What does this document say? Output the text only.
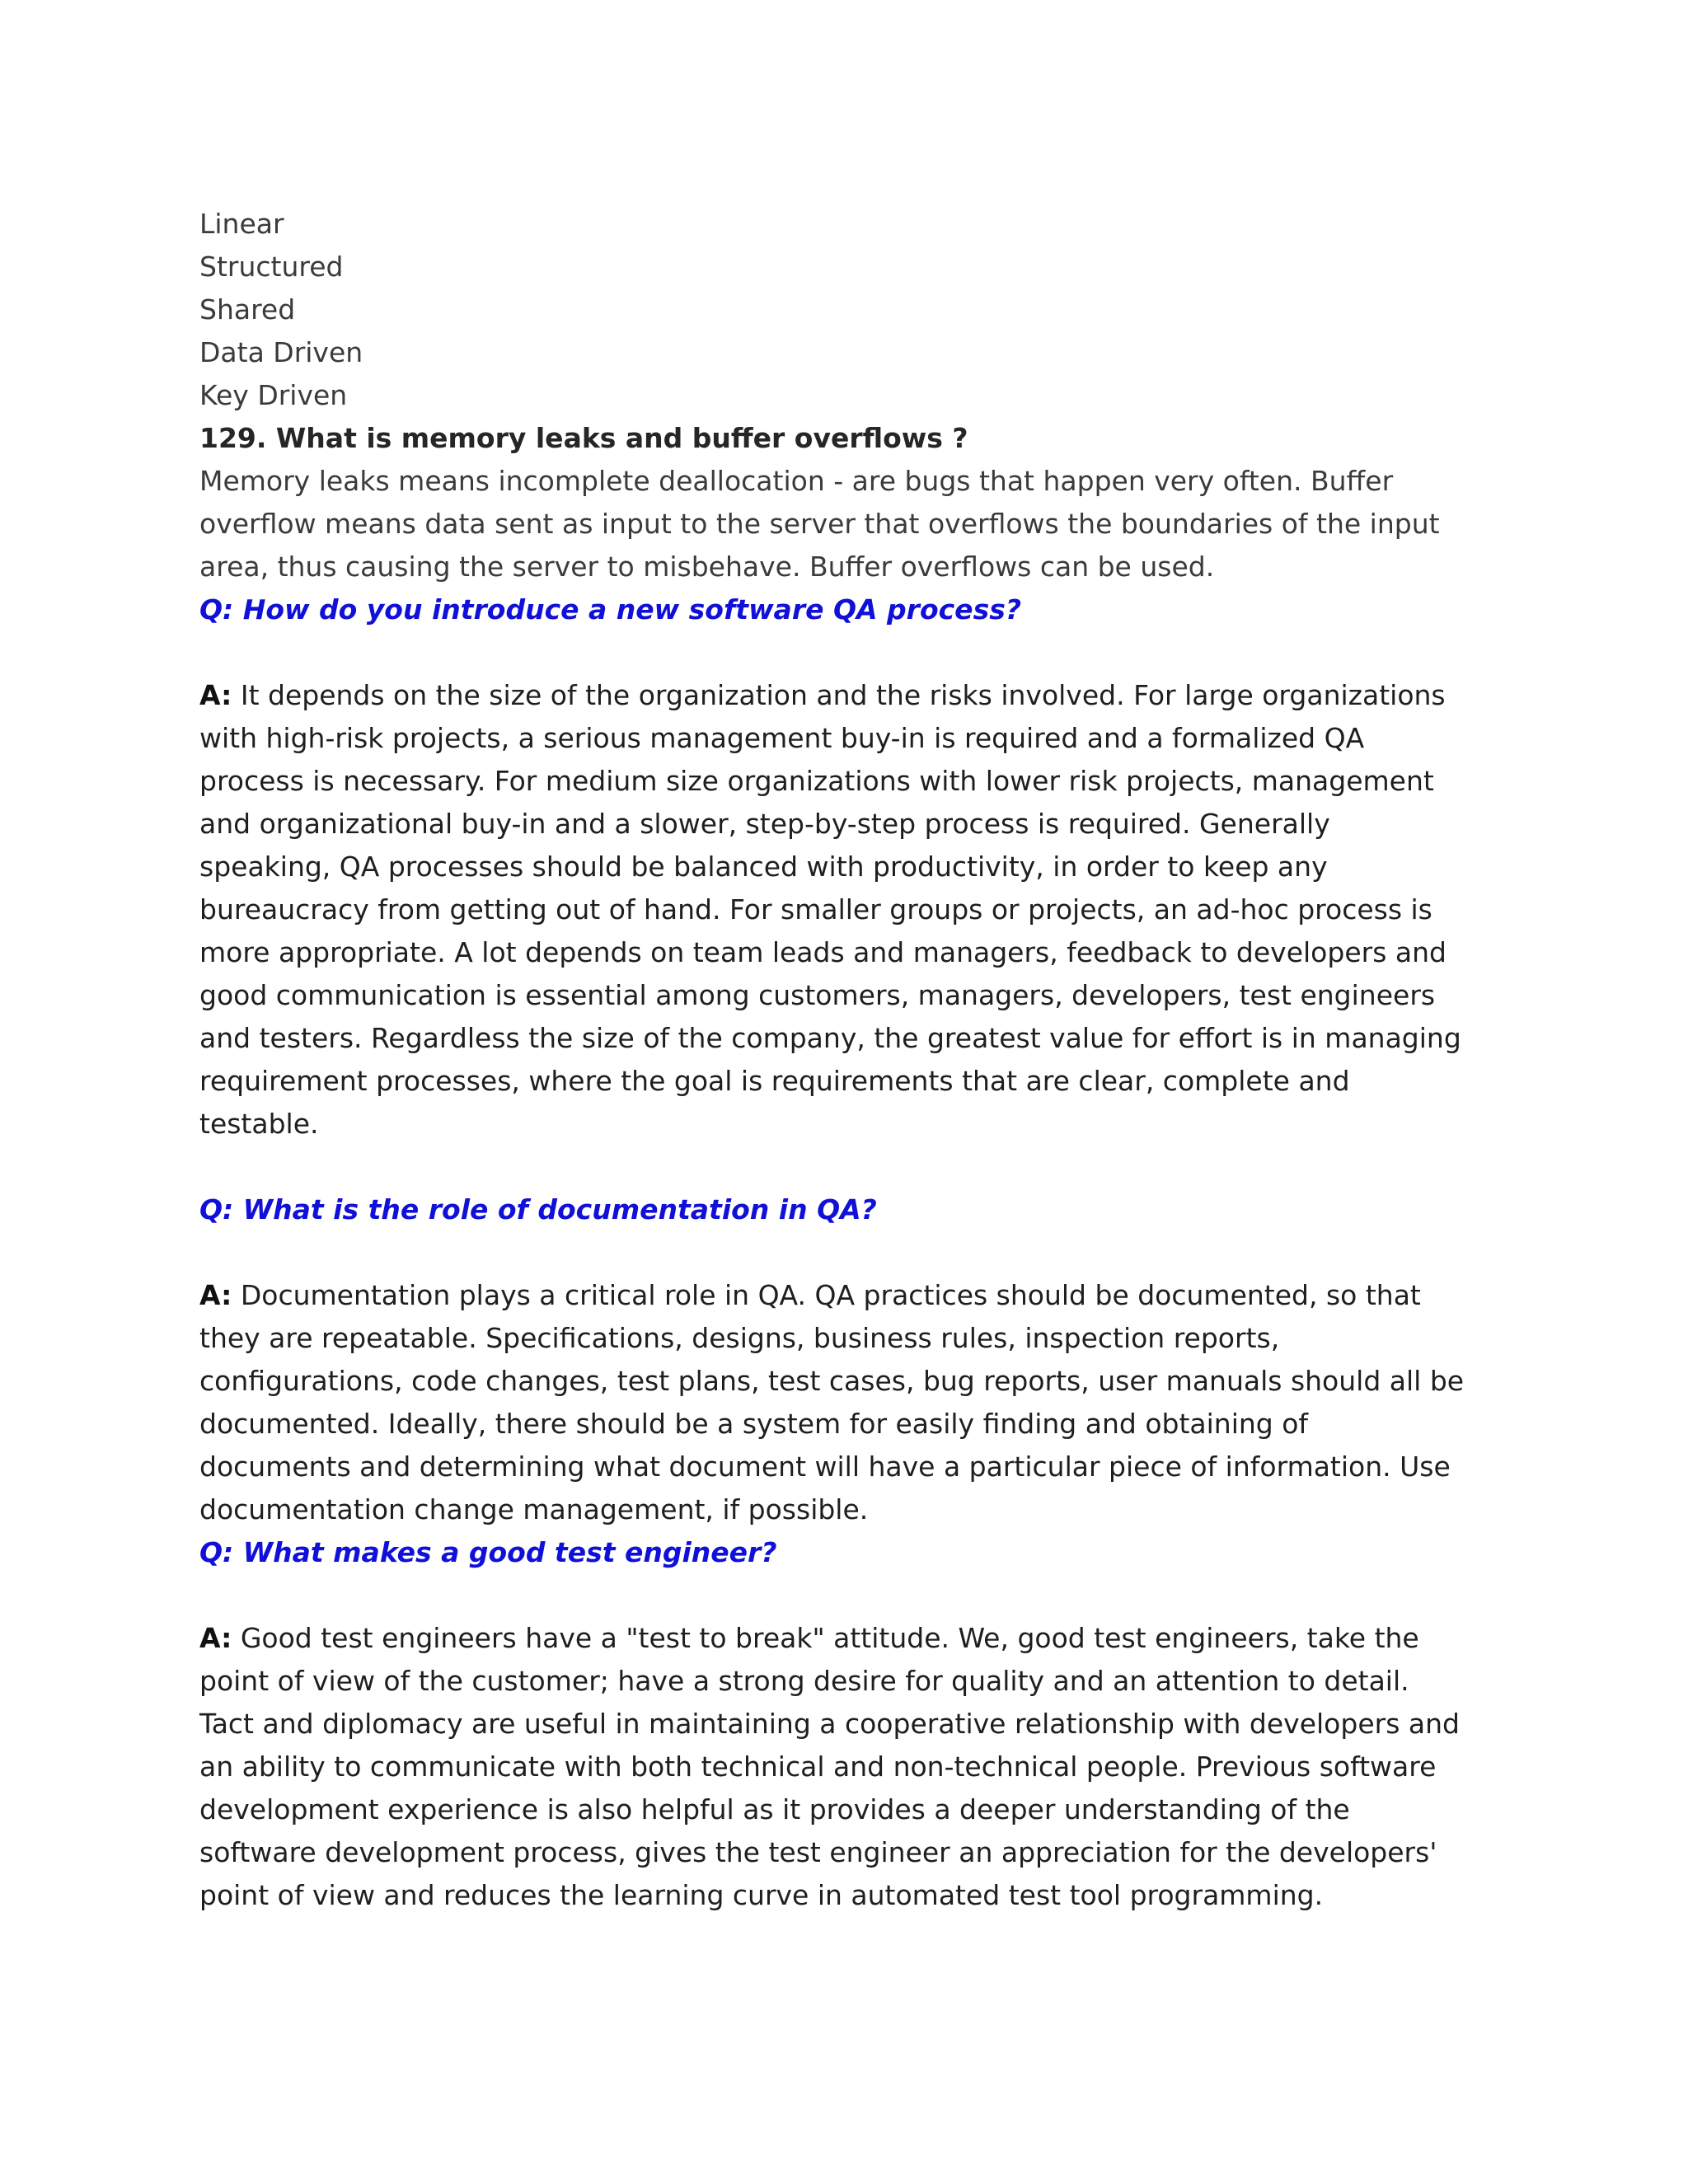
Linear
Structured
Shared
Data Driven
Key Driven
129. What is memory leaks and buffer overflows ?
Memory leaks means incomplete deallocation - are bugs that happen very often. Buffer
overflow means data sent as input to the server that overflows the boundaries of the input
area, thus causing the server to misbehave. Buffer overflows can be used.
Q: How do you introduce a new software QA process?
A: It depends on the size of the organization and the risks involved. For large organizations
with high-risk projects, a serious management buy-in is required and a formalized QA
process is necessary. For medium size organizations with lower risk projects, management
and organizational buy-in and a slower, step-by-step process is required. Generally
speaking, QA processes should be balanced with productivity, in order to keep any
bureaucracy from getting out of hand. For smaller groups or projects, an ad-hoc process is
more appropriate. A lot depends on team leads and managers, feedback to developers and
good communication is essential among customers, managers, developers, test engineers
and testers. Regardless the size of the company, the greatest value for effort is in managing
requirement processes, where the goal is requirements that are clear, complete and
testable.
Q: What is the role of documentation in QA?
A: Documentation plays a critical role in QA. QA practices should be documented, so that
they are repeatable. Specifications, designs, business rules, inspection reports,
configurations, code changes, test plans, test cases, bug reports, user manuals should all be
documented. Ideally, there should be a system for easily finding and obtaining of
documents and determining what document will have a particular piece of information. Use
documentation change management, if possible.
Q: What makes a good test engineer?
A: Good test engineers have a "test to break" attitude. We, good test engineers, take the
point of view of the customer; have a strong desire for quality and an attention to detail.
Tact and diplomacy are useful in maintaining a cooperative relationship with developers and
an ability to communicate with both technical and non-technical people. Previous software
development experience is also helpful as it provides a deeper understanding of the
software development process, gives the test engineer an appreciation for the developers'
point of view and reduces the learning curve in automated test tool programming.
